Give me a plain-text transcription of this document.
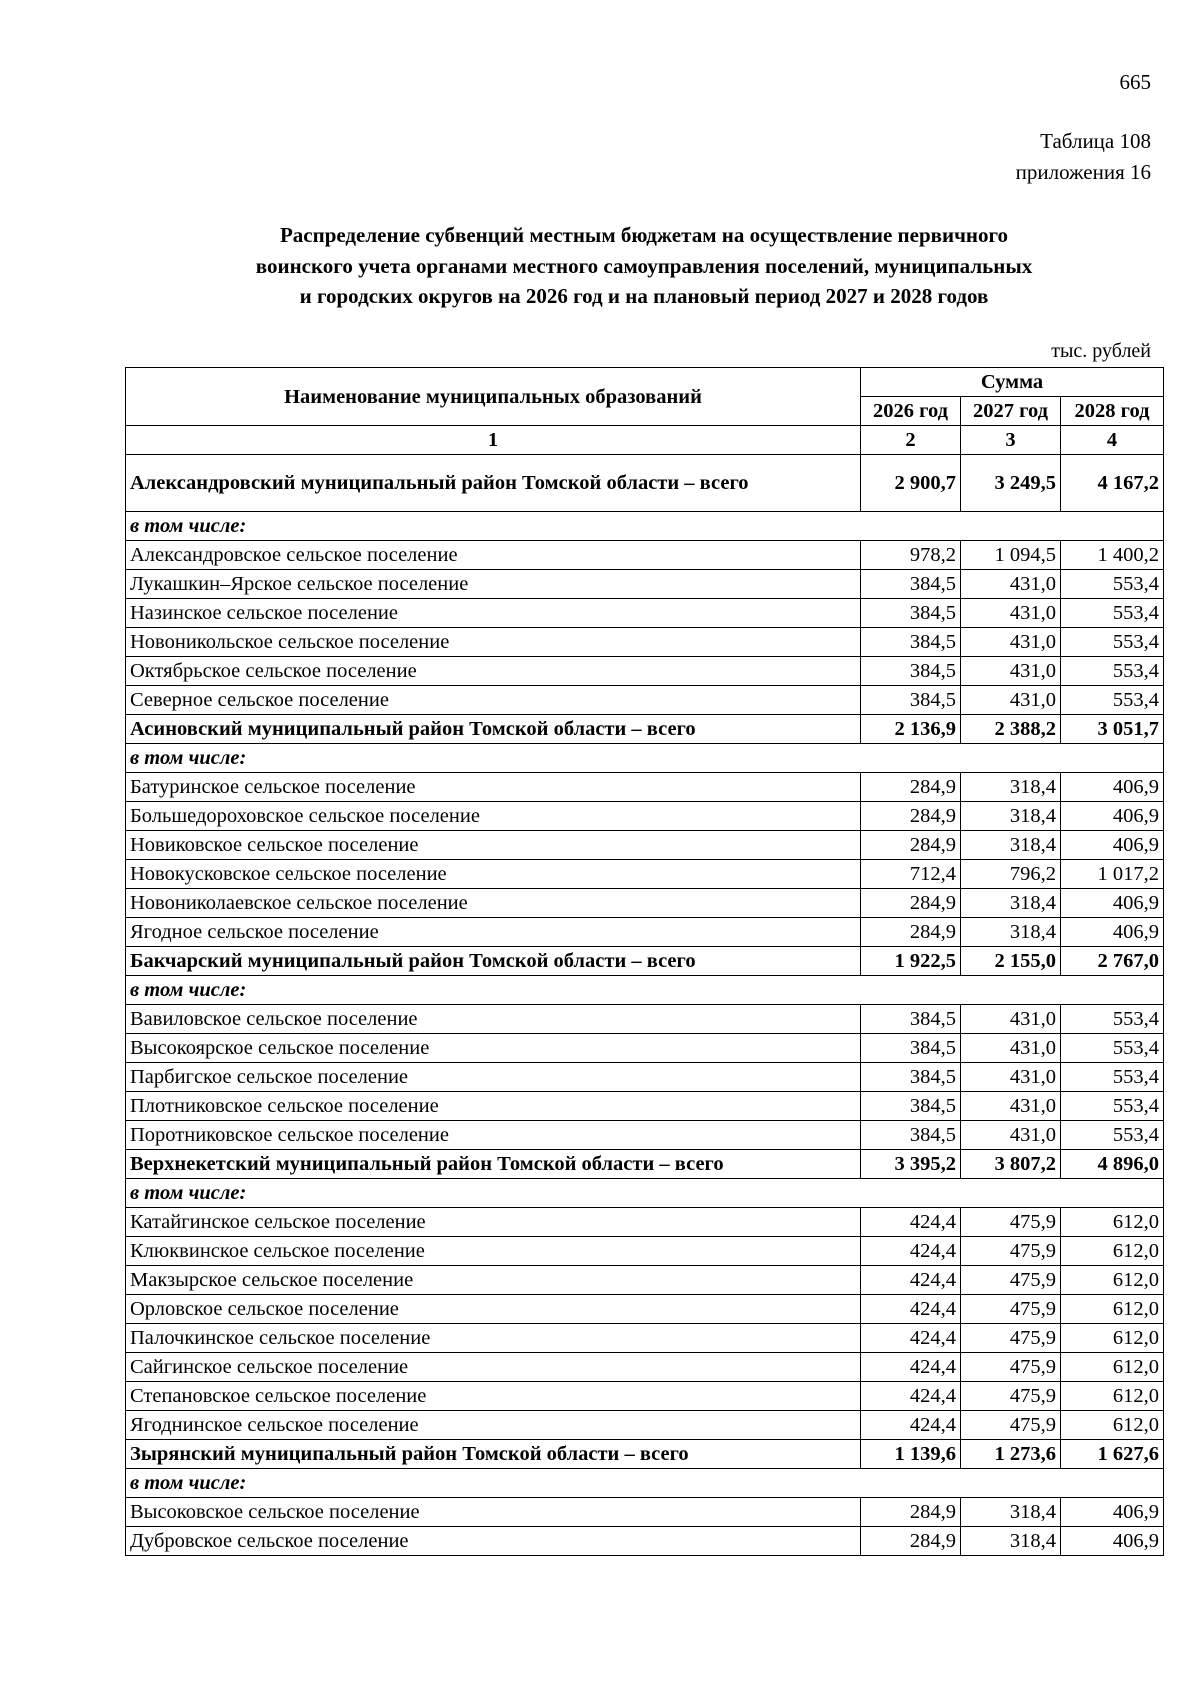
665
Таблица 108
приложения 16
Распределение субвенций местным бюджетам на осуществление первичного
воинского учета органами местного самоуправления поселений, муниципальных
и городских округов на 2026 год и на плановый период 2027 и 2028 годов
тыс. рублей
Наименование муниципальных образований	Сумма		
	2026 год	2027 год	2028 год
1	2	3	4
Александровский муниципальный район Томской области – всего	2 900,7	3 249,5	4 167,2
в том числе:			
Александровское сельское поселение	978,2	1 094,5	1 400,2
Лукашкин–Ярское сельское поселение	384,5	431,0	553,4
Назинское сельское поселение	384,5	431,0	553,4
Новоникольское сельское поселение	384,5	431,0	553,4
Октябрьское сельское поселение	384,5	431,0	553,4
Северное сельское поселение	384,5	431,0	553,4
Асиновский муниципальный район Томской области – всего	2 136,9	2 388,2	3 051,7
в том числе:			
Батуринское сельское поселение	284,9	318,4	406,9
Большедороховское сельское поселение	284,9	318,4	406,9
Новиковское сельское поселение	284,9	318,4	406,9
Новокусковское сельское поселение	712,4	796,2	1 017,2
Новониколаевское сельское поселение	284,9	318,4	406,9
Ягодное сельское поселение	284,9	318,4	406,9
Бакчарский муниципальный район Томской области – всего	1 922,5	2 155,0	2 767,0
в том числе:			
Вавиловское сельское поселение	384,5	431,0	553,4
Высокоярское сельское поселение	384,5	431,0	553,4
Парбигское сельское поселение	384,5	431,0	553,4
Плотниковское сельское поселение	384,5	431,0	553,4
Поротниковское сельское поселение	384,5	431,0	553,4
Верхнекетский муниципальный район Томской области – всего	3 395,2	3 807,2	4 896,0
в том числе:			
Катайгинское сельское поселение	424,4	475,9	612,0
Клюквинское сельское поселение	424,4	475,9	612,0
Макзырское сельское поселение	424,4	475,9	612,0
Орловское сельское поселение	424,4	475,9	612,0
Палочкинское сельское поселение	424,4	475,9	612,0
Сайгинское сельское поселение	424,4	475,9	612,0
Степановское сельское поселение	424,4	475,9	612,0
Ягоднинское сельское поселение	424,4	475,9	612,0
Зырянский муниципальный район Томской области – всего	1 139,6	1 273,6	1 627,6
в том числе:			
Высоковское сельское поселение	284,9	318,4	406,9
Дубровское сельское поселение	284,9	318,4	406,9
